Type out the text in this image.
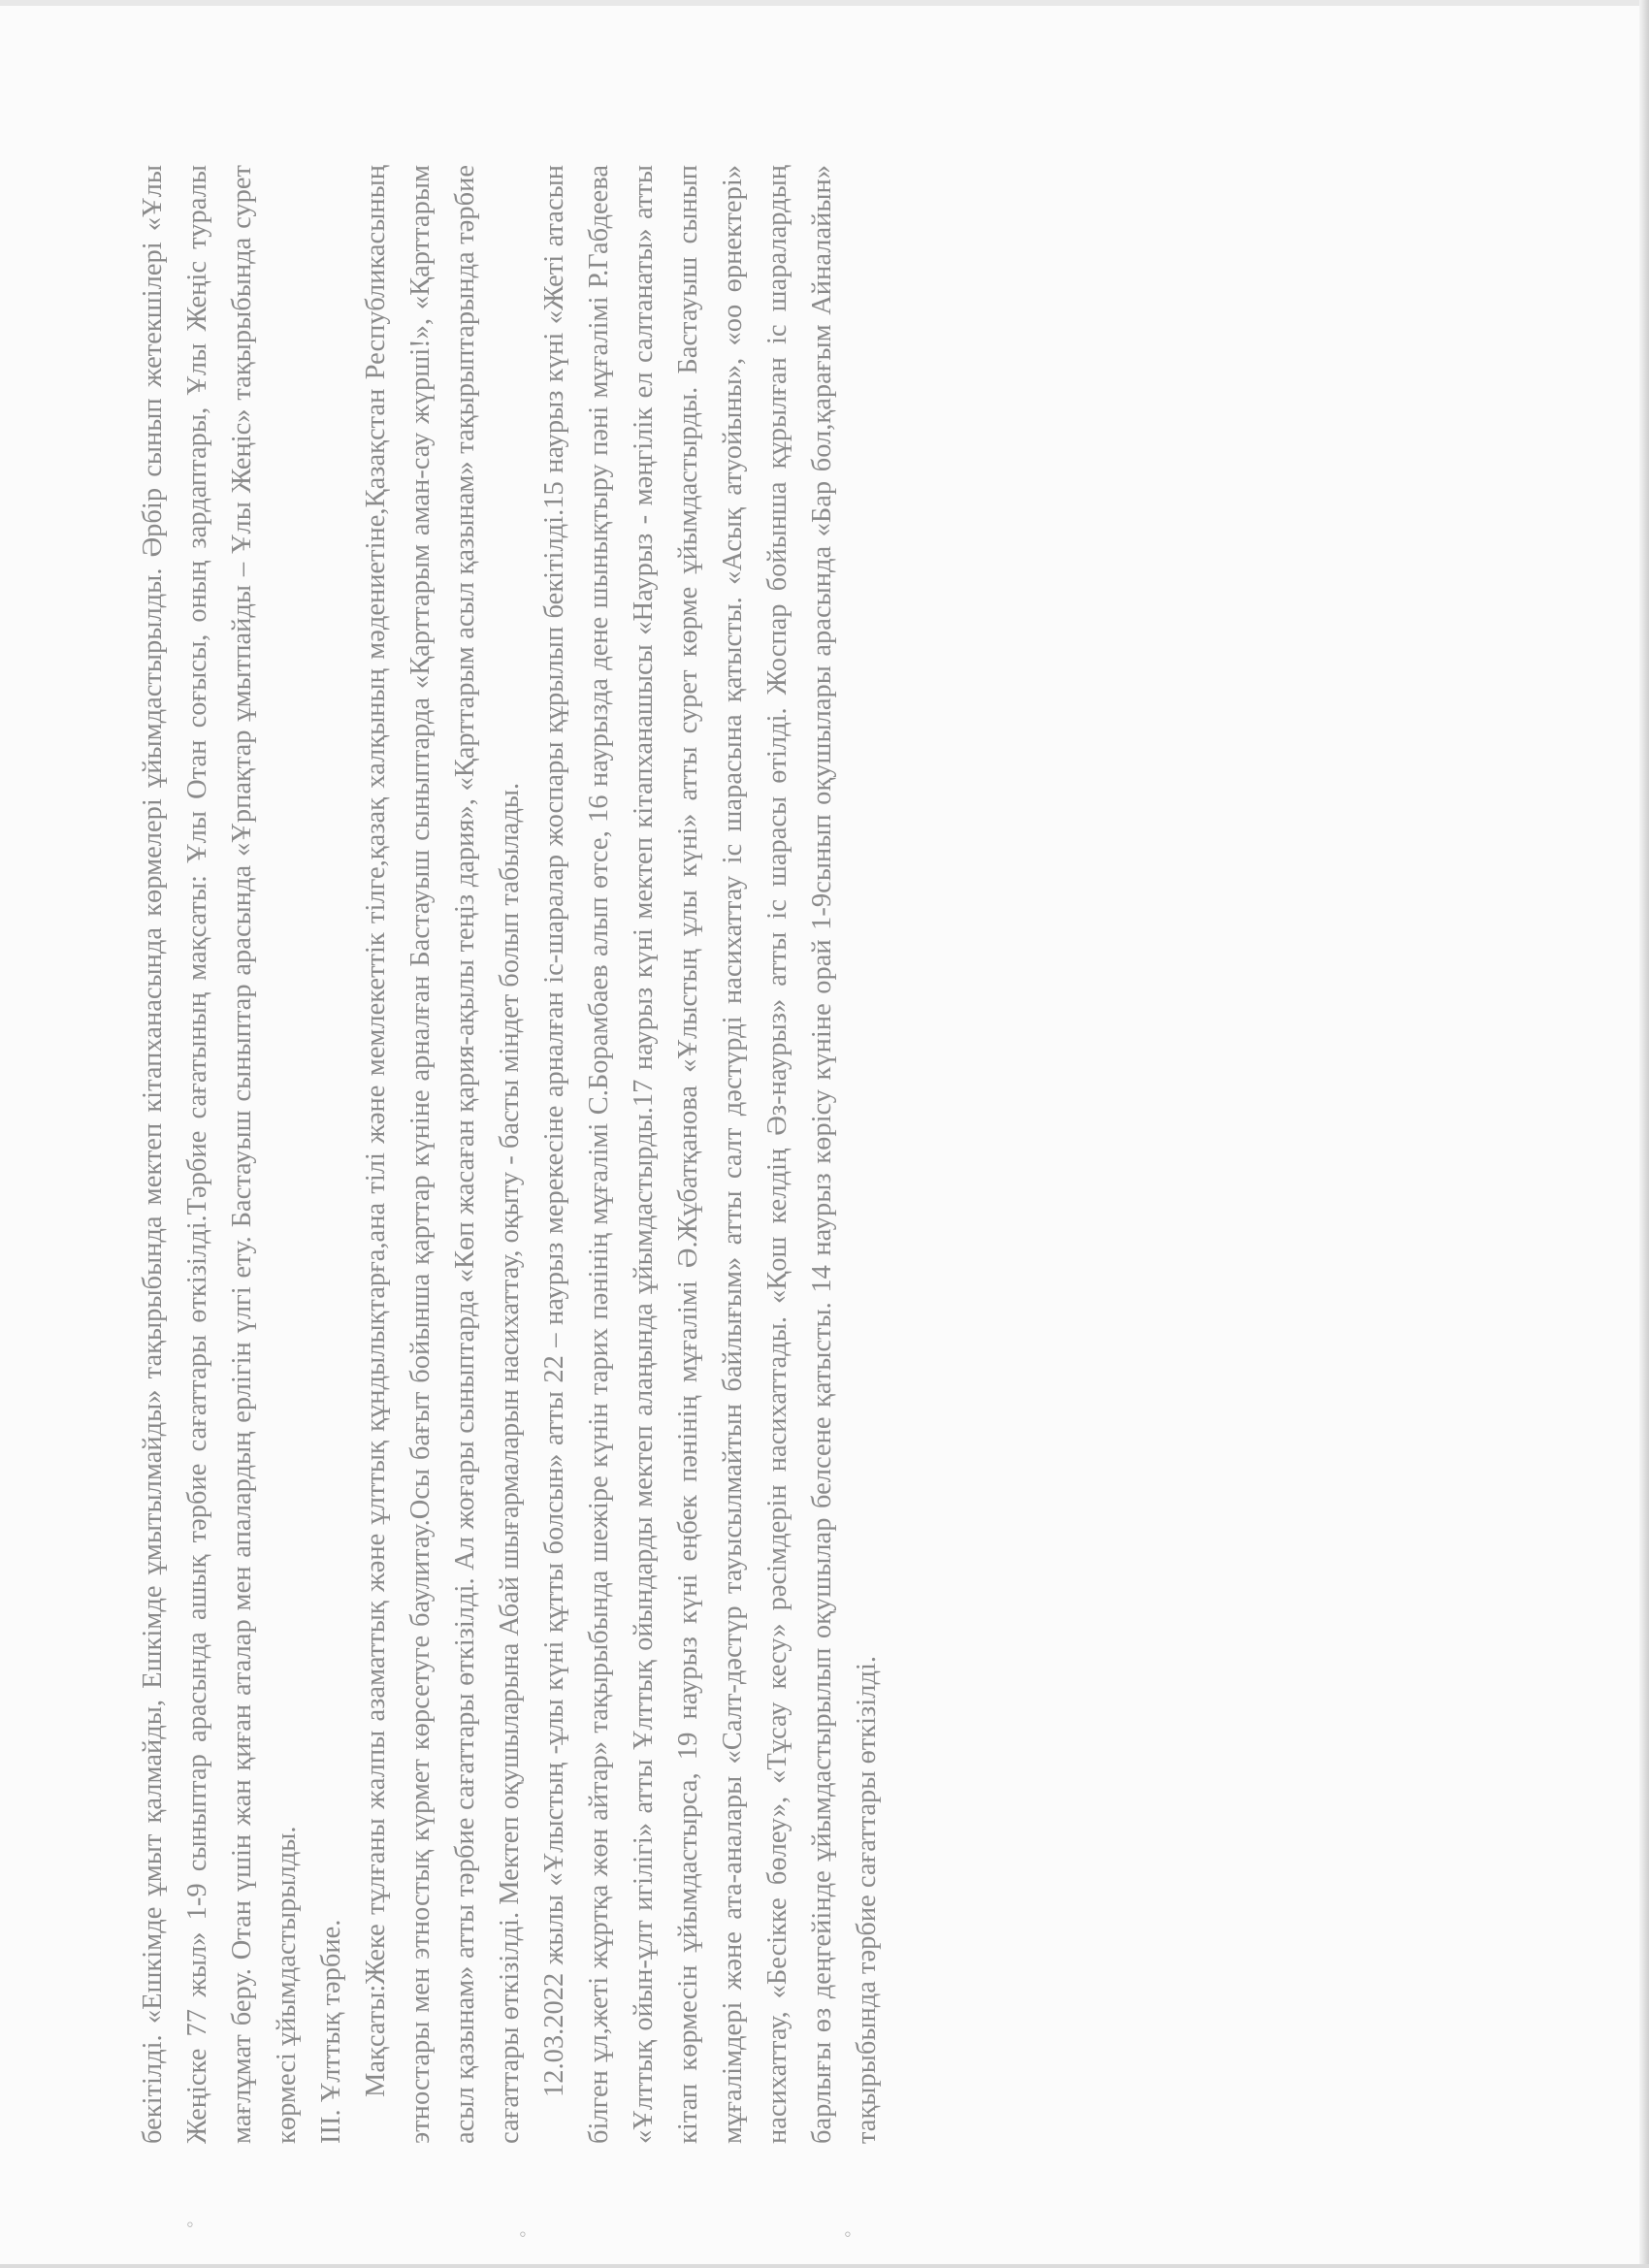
◦	◦	◦

бекітілді. «Ешкімде ұмыт қалмайды, Ешкімде ұмытылмайды» тақырыбында мектеп кітапханасында көрмелері ұйымдастырылды. Әрбір сынып жетекшілері «Ұлы Жеңіске 77 жыл» 1-9 сыныптар арасында ашық тәрбие сағаттары өткізілді.Тәрбие сағатының мақсаты: Ұлы Отан соғысы, оның зардаптары, Ұлы Жеңіс туралы мағлұмат беру. Отан үшін жан қиған аталар мен апалардың ерлігін үлгі ету. Бастауыш сыныптар арасында «Ұрпақтар ұмытпайды – Ұлы Жеңіс» тақырыбында сурет көрмесі ұйымдастырылды. ІІІ. Ұлттық тәрбие. Мақсаты:Жеке тұлғаны жалпы азаматтық және ұлттық құндылықтарға,ана тілі және мемлекеттік тілге,қазақ халқының мәдениетіне,Қазақстан Республикасының этностары мен этностық күрмет көрсетуге баулитау.Осы бағыт бойынша қарттар күніне арналған Бастауыш сыныптарда «Қарттарым аман-сау жүрші!», «Қарттарым асыл қазынам» атты тәрбие сағаттары өткізілді. Ал жоғары сыныптарда «Көп жасаған қария-ақылы теңіз дария», «Қарттарым асыл қазынам» тақырыптарында тәрбие сағаттары өткізілді. Мектеп оқушыларына Абай шығармаларын насихаттау, оқыту - басты міндет болып табылады. 12.03.2022 жылы «Ұлыстың -ұлы күні құтты болсын» атты 22 – наурыз мерекесіне арналған іс-шаралар жоспары құрылып бекітілді.15 наурыз күні «Жеті атасын білген ұл,жеті жұртқа жөн айтар» тақырыбында шежіре күнін тарих пәнінің мұғалімі С.Борамбаев алып өтсе, 16 наурызда дене шынықтыру пәні мұғалімі Р.Габдеева «Ұлттық ойын-ұлт игілігі» атты Ұлттық ойындарды мектеп алаңында ұйымдастырды.17 наурыз күні мектеп кітапханашысы «Наурыз - мәңгілік ел салтанаты» атты кітап көрмесін ұйымдастырса, 19 наурыз күні еңбек пәнінің мұғалімі Ә.Жұбатқанова «Ұлыстың ұлы күні» атты сурет көрме ұйымдастырды. Бастауыш сынып мұғалімдері және ата-аналары «Салт-дәстүр тауысылмайтын байлығым» атты салт дәстүрді насихаттау іс шарасына қатысты. «Асық атуойыны», «оо өрнектері» насихаттау, «Бесікке бөлеу», «Тұсау кесу» рәсімдерін насихаттады. «Қош келдің Әз-наурыз» атты іс шарасы өтілді. Жоспар бойынша құрылған іс шаралардың барлығы өз деңгейінде ұйымдастырылып оқушылар белсене қатысты. 14 наурыз көрісу күніне орай 1-9сынып оқушылары арасында «Бар бол,қарағым Айналайын» тақырыбында тәрбие сағаттары өткізілді.
